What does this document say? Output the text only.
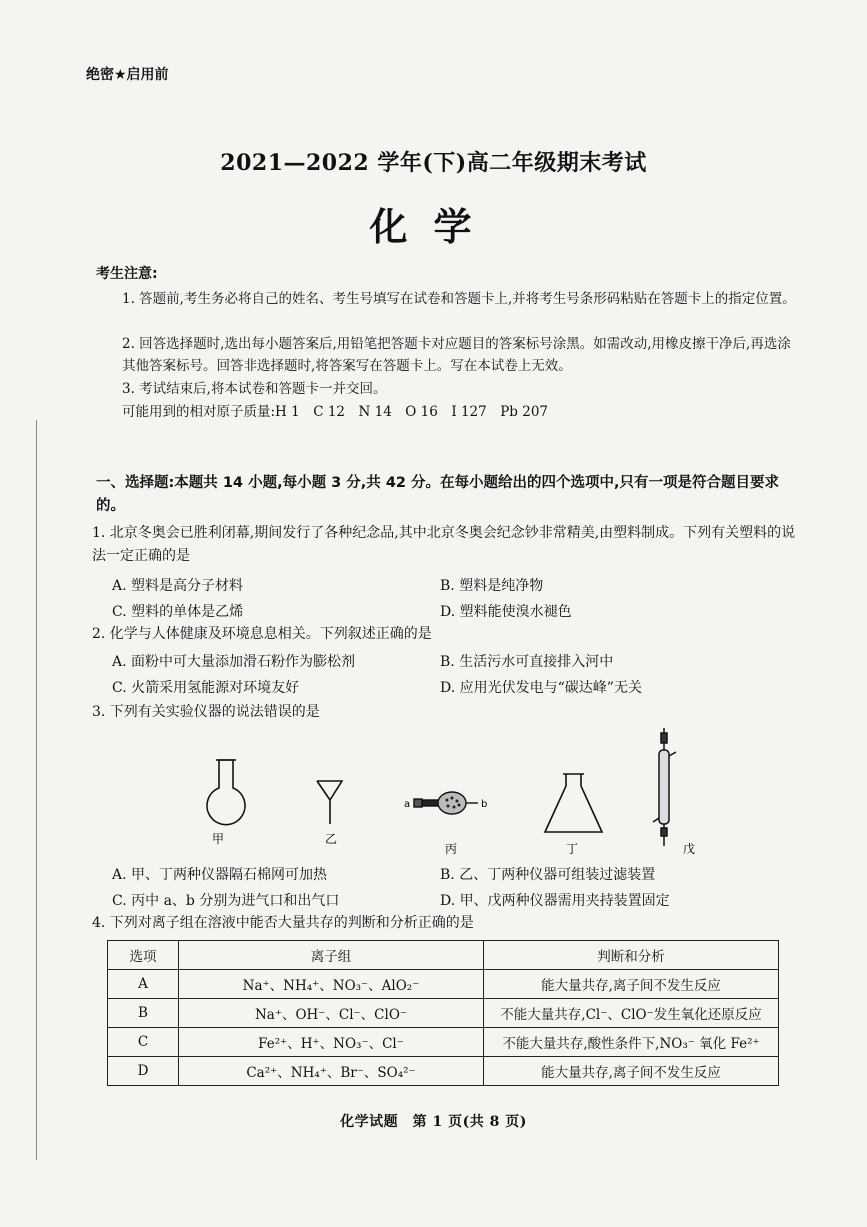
绝密★启用前
2021—2022 学年(下)高二年级期末考试
化学
考生注意:
1. 答题前,考生务必将自己的姓名、考生号填写在试卷和答题卡上,并将考生号条形码粘贴在答题卡上的指定位置。
2. 回答选择题时,选出每小题答案后,用铅笔把答题卡对应题目的答案标号涂黑。如需改动,用橡皮擦干净后,再选涂其他答案标号。回答非选择题时,将答案写在答题卡上。写在本试卷上无效。
3. 考试结束后,将本试卷和答题卡一并交回。
可能用到的相对原子质量:H 1　C 12　N 14　O 16　I 127　Pb 207
一、选择题:本题共 14 小题,每小题 3 分,共 42 分。在每小题给出的四个选项中,只有一项是符合题目要求的。
1. 北京冬奥会已胜利闭幕,期间发行了各种纪念品,其中北京冬奥会纪念钞非常精美,由塑料制成。下列有关塑料的说法一定正确的是
A. 塑料是高分子材料	B. 塑料是纯净物
C. 塑料的单体是乙烯	D. 塑料能使溴水褪色
2. 化学与人体健康及环境息息相关。下列叙述正确的是
A. 面粉中可大量添加滑石粉作为膨松剂	B. 生活污水可直接排入河中
C. 火箭采用氢能源对环境友好	D. 应用光伏发电与“碳达峰”无关
3. 下列有关实验仪器的说法错误的是
甲	乙
a	b
丙	丁	戊
A. 甲、丁两种仪器隔石棉网可加热	B. 乙、丁两种仪器可组装过滤装置
C. 丙中 a、b 分别为进气口和出气口	D. 甲、戊两种仪器需用夹持装置固定
4. 下列对离子组在溶液中能否大量共存的判断和分析正确的是
选项	离子组	判断和分析
A	Na⁺、NH₄⁺、NO₃⁻、AlO₂⁻	能大量共存,离子间不发生反应
B	Na⁺、OH⁻、Cl⁻、ClO⁻	不能大量共存,Cl⁻、ClO⁻发生氧化还原反应
C	Fe²⁺、H⁺、NO₃⁻、Cl⁻	不能大量共存,酸性条件下,NO₃⁻ 氧化 Fe²⁺
D	Ca²⁺、NH₄⁺、Br⁻、SO₄²⁻	能大量共存,离子间不发生反应
化学试题　第 1 页(共 8 页)
